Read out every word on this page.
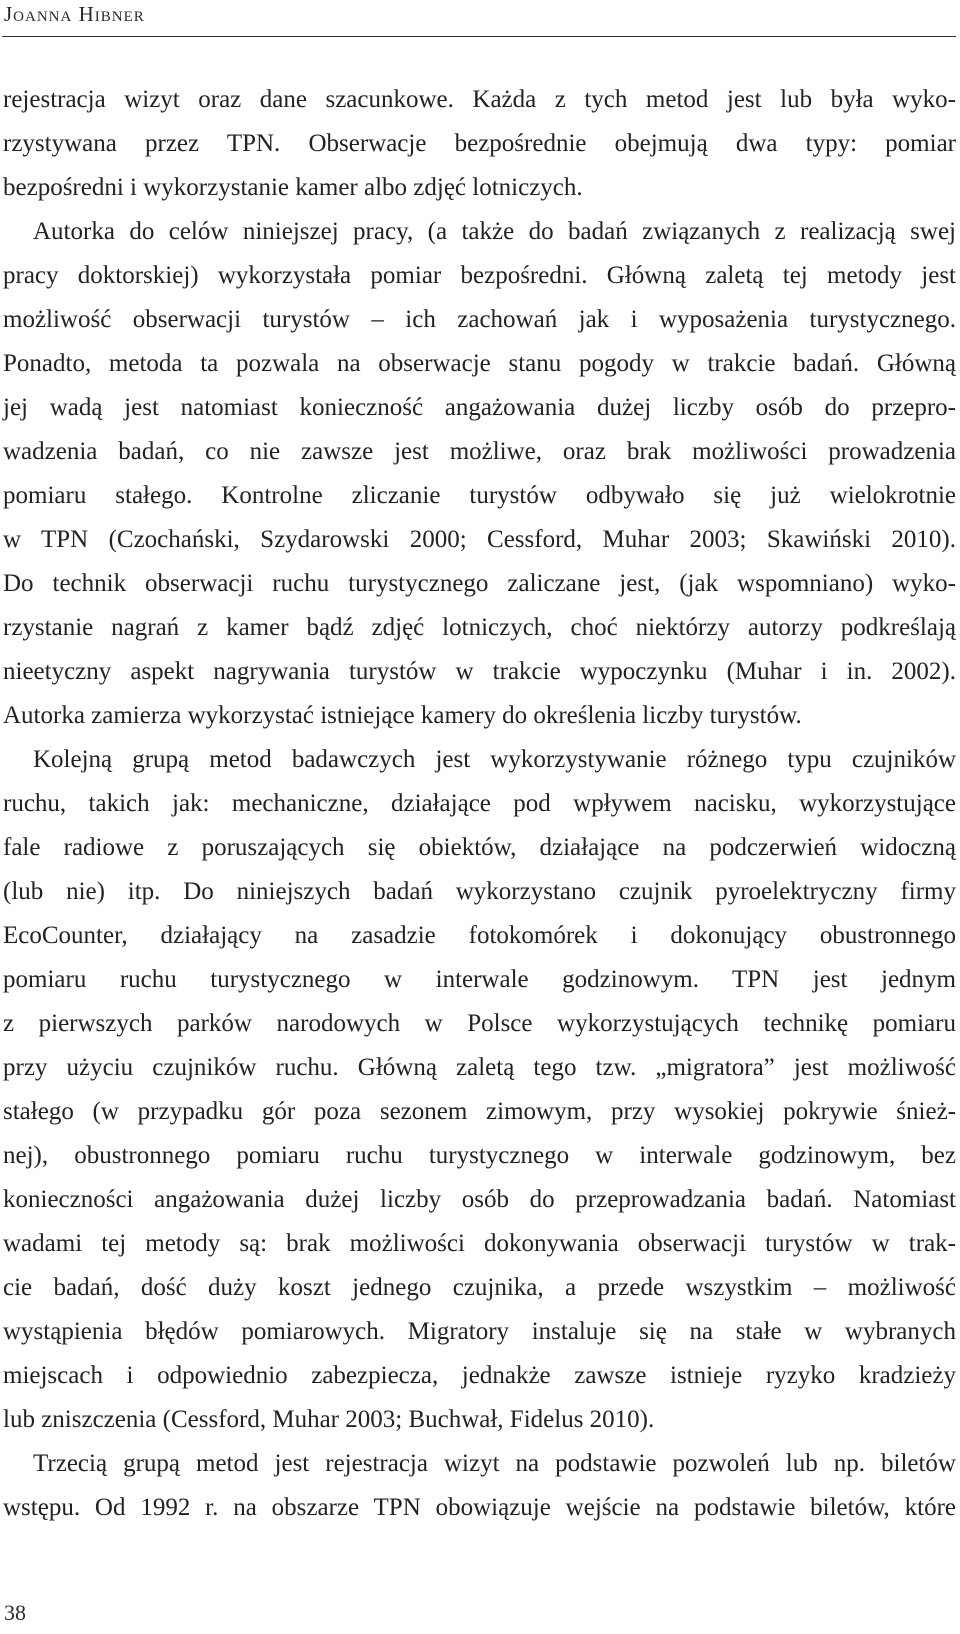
Joanna Hibner
rejestracja wizyt oraz dane szacunkowe. Każda z tych metod jest lub była wyko-
rzystywana przez TPN. Obserwacje bezpośrednie obejmują dwa typy: pomiar
bezpośredni i wykorzystanie kamer albo zdjęć lotniczych.
Autorka do celów niniejszej pracy, (a także do badań związanych z realizacją swej
pracy doktorskiej) wykorzystała pomiar bezpośredni. Główną zaletą tej metody jest
możliwość obserwacji turystów – ich zachowań jak i wyposażenia turystycznego.
Ponadto, metoda ta pozwala na obserwacje stanu pogody w trakcie badań. Główną
jej wadą jest natomiast konieczność angażowania dużej liczby osób do przepro-
wadzenia badań, co nie zawsze jest możliwe, oraz brak możliwości prowadzenia
pomiaru stałego. Kontrolne zliczanie turystów odbywało się już wielokrotnie
w TPN (Czochański, Szydarowski 2000; Cessford, Muhar 2003; Skawiński 2010).
Do technik obserwacji ruchu turystycznego zaliczane jest, (jak wspomniano) wyko-
rzystanie nagrań z kamer bądź zdjęć lotniczych, choć niektórzy autorzy podkreślają
nieetyczny aspekt nagrywania turystów w trakcie wypoczynku (Muhar i in. 2002).
Autorka zamierza wykorzystać istniejące kamery do określenia liczby turystów.
Kolejną grupą metod badawczych jest wykorzystywanie różnego typu czujników
ruchu, takich jak: mechaniczne, działające pod wpływem nacisku, wykorzystujące
fale radiowe z poruszających się obiektów, działające na podczerwień widoczną
(lub nie) itp. Do niniejszych badań wykorzystano czujnik pyroelektryczny firmy
EcoCounter, działający na zasadzie fotokomórek i dokonujący obustronnego
pomiaru ruchu turystycznego w interwale godzinowym. TPN jest jednym
z pierwszych parków narodowych w Polsce wykorzystujących technikę pomiaru
przy użyciu czujników ruchu. Główną zaletą tego tzw. „migratora” jest możliwość
stałego (w przypadku gór poza sezonem zimowym, przy wysokiej pokrywie śnież-
nej), obustronnego pomiaru ruchu turystycznego w interwale godzinowym, bez
konieczności angażowania dużej liczby osób do przeprowadzania badań. Natomiast
wadami tej metody są: brak możliwości dokonywania obserwacji turystów w trak-
cie badań, dość duży koszt jednego czujnika, a przede wszystkim – możliwość
wystąpienia błędów pomiarowych. Migratory instaluje się na stałe w wybranych
miejscach i odpowiednio zabezpiecza, jednakże zawsze istnieje ryzyko kradzieży
lub zniszczenia (Cessford, Muhar 2003; Buchwał, Fidelus 2010).
Trzecią grupą metod jest rejestracja wizyt na podstawie pozwoleń lub np. biletów
wstępu. Od 1992 r. na obszarze TPN obowiązuje wejście na podstawie biletów, które
38
